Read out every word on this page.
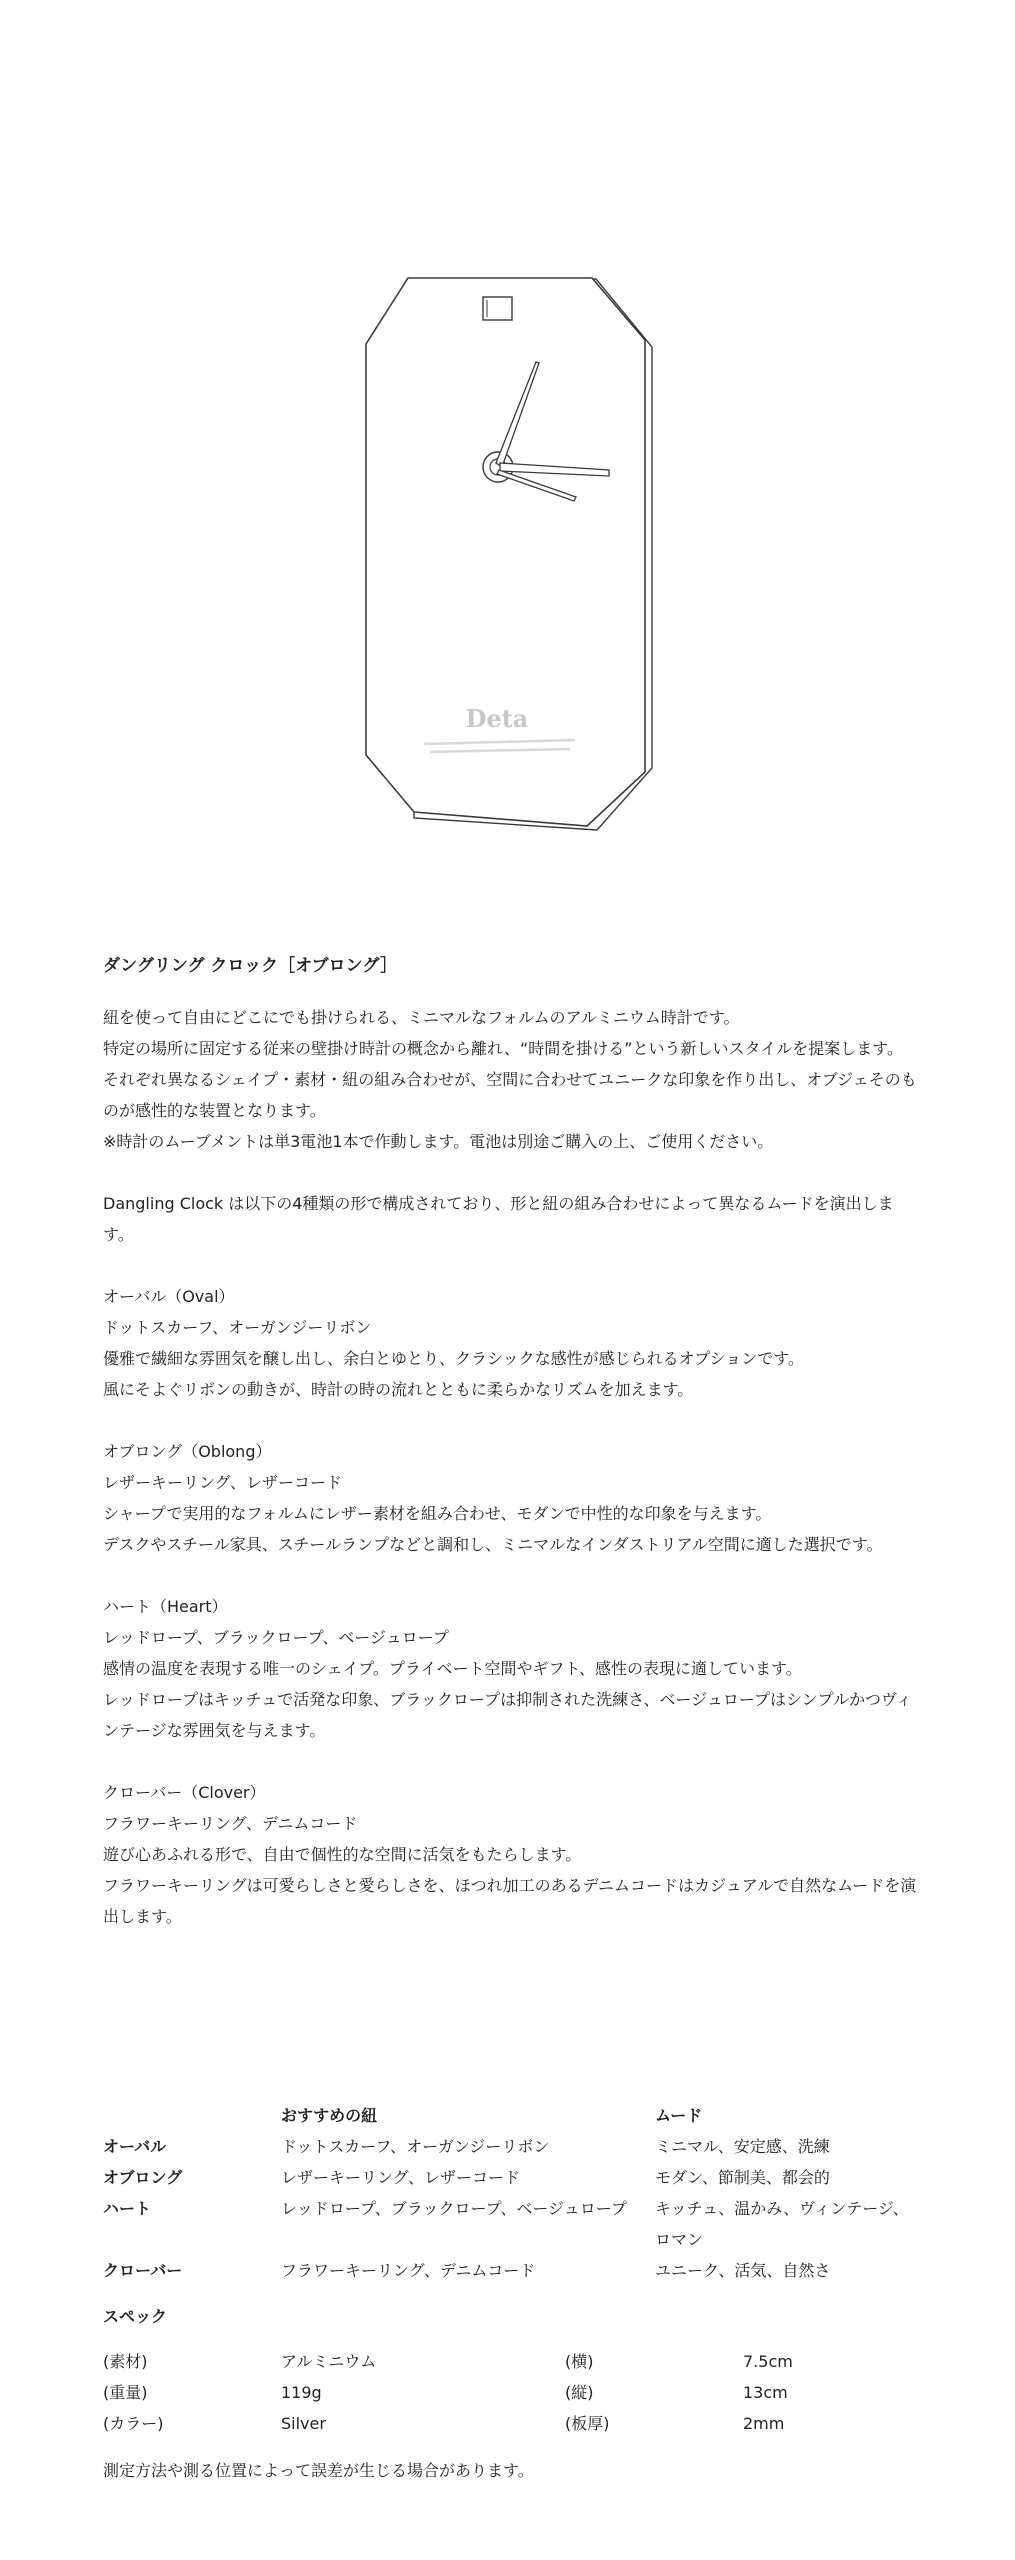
Deta

ダングリング クロック［オブロング］

紐を使って自由にどこにでも掛けられる、ミニマルなフォルムのアルミニウム時計です。

特定の場所に固定する従来の壁掛け時計の概念から離れ、“時間を掛ける”という新しいスタイルを提案します。

それぞれ異なるシェイプ・素材・紐の組み合わせが、空間に合わせてユニークな印象を作り出し、オブジェそのものが感性的な装置となります。

※時計のムーブメントは単3電池1本で作動します。電池は別途ご購入の上、ご使用ください。

Dangling Clock は以下の4種類の形で構成されており、形と紐の組み合わせによって異なるムードを演出します。

オーバル（Oval）

ドットスカーフ、オーガンジーリボン

優雅で繊細な雰囲気を醸し出し、余白とゆとり、クラシックな感性が感じられるオプションです。

風にそよぐリボンの動きが、時計の時の流れとともに柔らかなリズムを加えます。

オブロング（Oblong）

レザーキーリング、レザーコード

シャープで実用的なフォルムにレザー素材を組み合わせ、モダンで中性的な印象を与えます。

デスクやスチール家具、スチールランプなどと調和し、ミニマルなインダストリアル空間に適した選択です。

ハート（Heart）

レッドロープ、ブラックロープ、ベージュロープ

感情の温度を表現する唯一のシェイプ。プライベート空間やギフト、感性の表現に適しています。

レッドロープはキッチュで活発な印象、ブラックロープは抑制された洗練さ、ベージュロープはシンプルかつヴィンテージな雰囲気を与えます。

クローバー（Clover）

フラワーキーリング、デニムコード

遊び心あふれる形で、自由で個性的な空間に活気をもたらします。

フラワーキーリングは可愛らしさと愛らしさを、ほつれ加工のあるデニムコードはカジュアルで自然なムードを演出します。

	おすすめの紐	ムード
オーバル	ドットスカーフ、オーガンジーリボン	ミニマル、安定感、洗練
オブロング	レザーキーリング、レザーコード	モダン、節制美、都会的
ハート	レッドロープ、ブラックロープ、ベージュロープ	キッチュ、温かみ、ヴィンテージ、ロマン
クローバー	フラワーキーリング、デニムコード	ユニーク、活気、自然さ
スペック
(素材)	アルミニウム	(横)	7.5cm
(重量)	119g	(縦)	13cm
(カラー)	Silver	(板厚)	2mm
測定方法や測る位置によって誤差が生じる場合があります。
